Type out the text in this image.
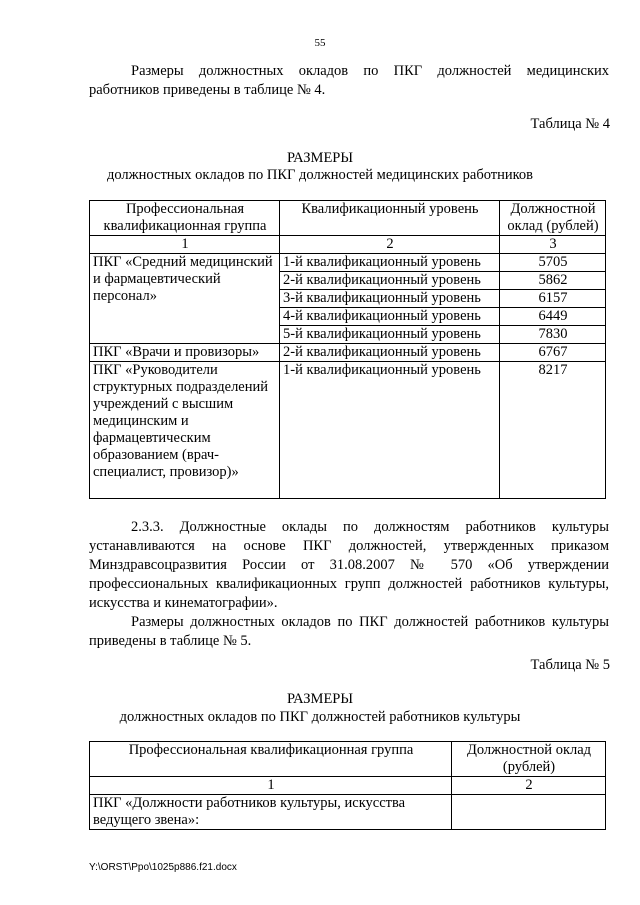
55

Размеры должностных окладов по ПКГ должностей медицинских работников приведены в таблице № 4.

Таблица № 4
РАЗМЕРЫ
должностных окладов по ПКГ должностей медицинских работников
Профессиональная квалификационная группа	Квалификационный уровень	Должностной оклад (рублей)
1	2	3
ПКГ «Средний медицинский и фармацевтический персонал»	1-й квалификационный уровень	5705
	2-й квалификационный уровень	5862
	3-й квалификационный уровень	6157
	4-й квалификационный уровень	6449
	5-й квалификационный уровень	7830
ПКГ «Врачи и провизоры»	2-й квалификационный уровень	6767
ПКГ «Руководители структурных подразделений учреждений с высшим медицинским и фармацевтическим образованием (врач-специалист, провизор)»	1-й квалификационный уровень	8217

2.3.3. Должностные оклады по должностям работников культуры устанавливаются на основе ПКГ должностей, утвержденных приказом Минздравсоцразвития России от 31.08.2007 № 570 «Об утверждении профессиональных квалификационных групп должностей работников культуры, искусства и кинематографии».

Размеры должностных окладов по ПКГ должностей работников культуры приведены в таблице № 5.

Таблица № 5
РАЗМЕРЫ
должностных окладов по ПКГ должностей работников культуры
Профессиональная квалификационная группа	Должностной оклад (рублей)
1	2
ПКГ «Должности работников культуры, искусства ведущего звена»:	
Y:\ORST\Ppo\1025p886.f21.docx
